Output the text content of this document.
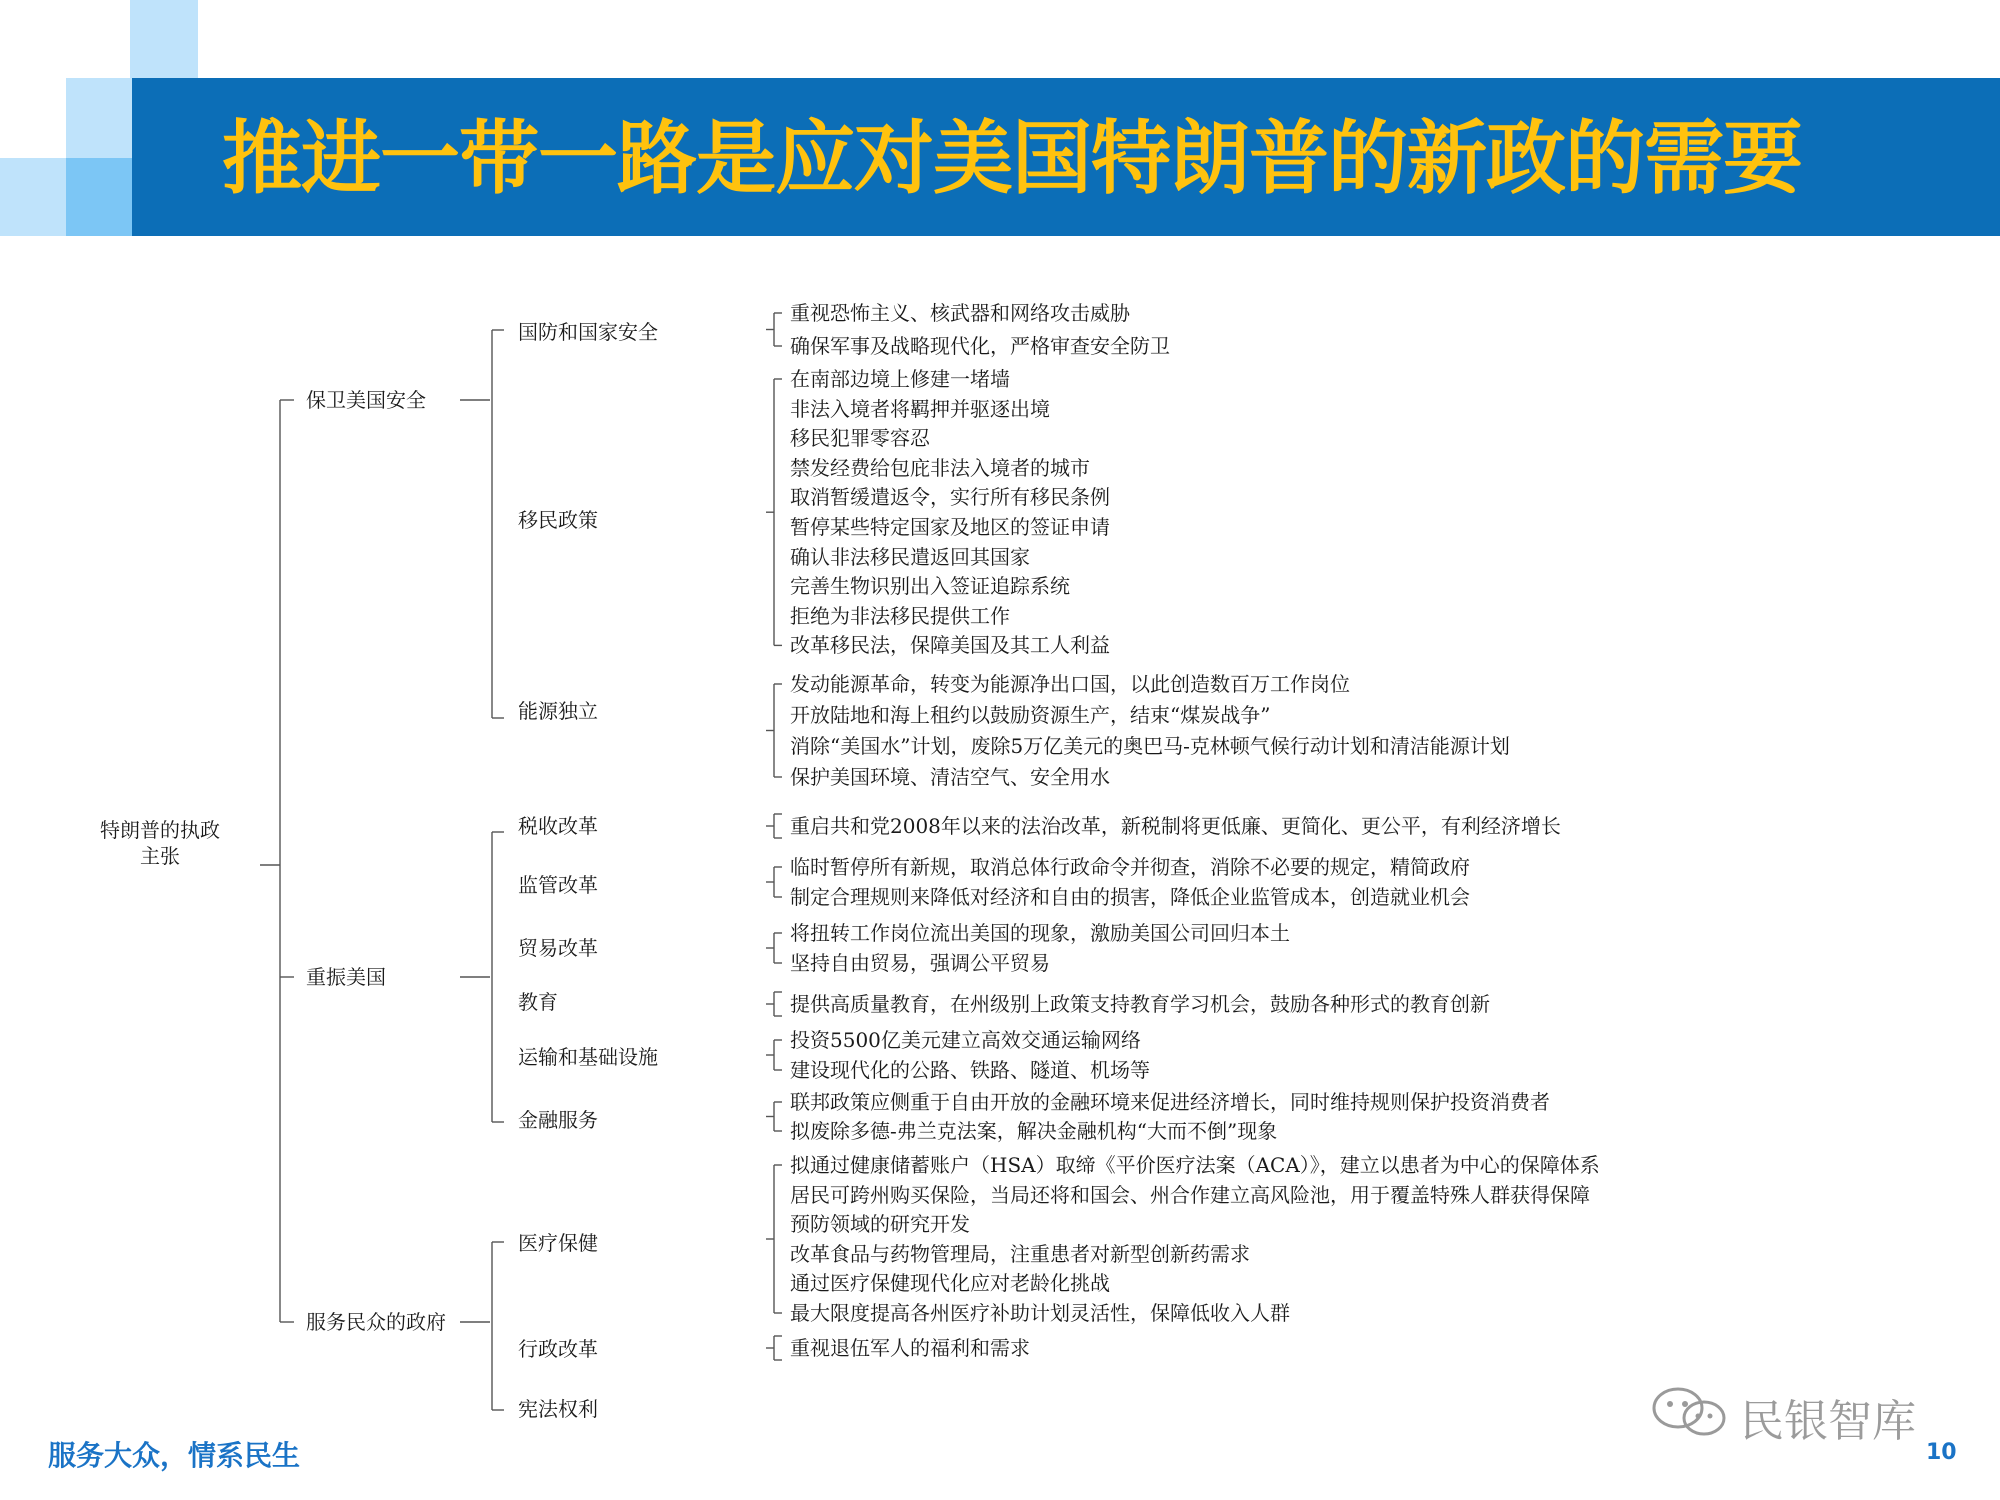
推进一带一路是应对美国特朗普的新政的需要
特朗普的执政
主张
保卫美国安全
国防和国家安全
重视恐怖主义、核武器和网络攻击威胁
确保军事及战略现代化，严格审查安全防卫
移民政策
在南部边境上修建一堵墙
非法入境者将羁押并驱逐出境
移民犯罪零容忍
禁发经费给包庇非法入境者的城市
取消暂缓遣返令，实行所有移民条例
暂停某些特定国家及地区的签证申请
确认非法移民遣返回其国家
完善生物识别出入签证追踪系统
拒绝为非法移民提供工作
改革移民法，保障美国及其工人利益
能源独立
发动能源革命，转变为能源净出口国，以此创造数百万工作岗位
开放陆地和海上租约以鼓励资源生产，结束“煤炭战争”
消除“美国水”计划，废除5万亿美元的奥巴马-克林顿气候行动计划和清洁能源计划
保护美国环境、清洁空气、安全用水
重振美国
税收改革	重启共和党2008年以来的法治改革，新税制将更低廉、更简化、更公平，有利经济增长
监管改革
临时暂停所有新规，取消总体行政命令并彻查，消除不必要的规定，精简政府
制定合理规则来降低对经济和自由的损害，降低企业监管成本，创造就业机会
贸易改革
将扭转工作岗位流出美国的现象，激励美国公司回归本土
坚持自由贸易，强调公平贸易
教育	提供高质量教育，在州级别上政策支持教育学习机会，鼓励各种形式的教育创新
运输和基础设施
投资5500亿美元建立高效交通运输网络
建设现代化的公路、铁路、隧道、机场等
金融服务
联邦政策应侧重于自由开放的金融环境来促进经济增长，同时维持规则保护投资消费者
拟废除多德-弗兰克法案，解决金融机构“大而不倒”现象
服务民众的政府
医疗保健
拟通过健康储蓄账户（HSA）取缔《平价医疗法案（ACA）》，建立以患者为中心的保障体系
居民可跨州购买保险，当局还将和国会、州合作建立高风险池，用于覆盖特殊人群获得保障
预防领域的研究开发
改革食品与药物管理局，注重患者对新型创新药需求
通过医疗保健现代化应对老龄化挑战
最大限度提高各州医疗补助计划灵活性，保障低收入人群
行政改革	重视退伍军人的福利和需求
宪法权利
服务大众，情系民生
民银智库
10
